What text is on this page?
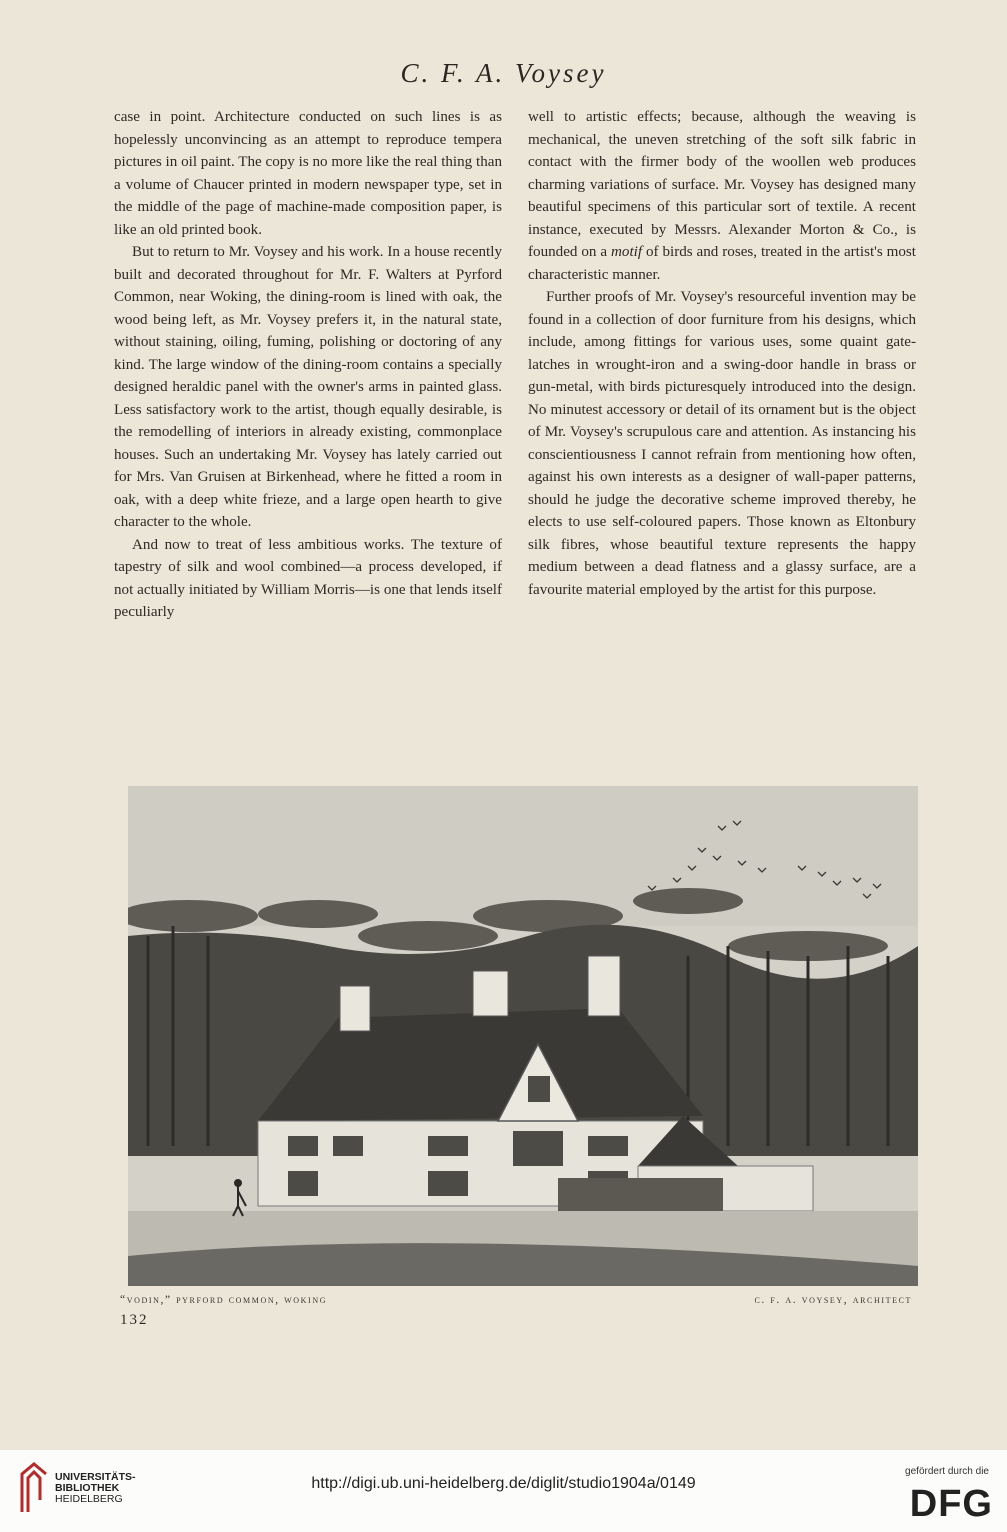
C. F. A. Voysey

case in point. Architecture conducted on such lines is as hopelessly unconvincing as an attempt to reproduce tempera pictures in oil paint. The copy is no more like the real thing than a volume of Chaucer printed in modern newspaper type, set in the middle of the page of machine-made composition paper, is like an old printed book.

But to return to Mr. Voysey and his work. In a house recently built and decorated throughout for Mr. F. Walters at Pyrford Common, near Woking, the dining-room is lined with oak, the wood being left, as Mr. Voysey prefers it, in the natural state, without staining, oiling, fuming, polishing or doctoring of any kind. The large window of the dining-room contains a specially designed heraldic panel with the owner's arms in painted glass. Less satisfactory work to the artist, though equally desirable, is the remodelling of interiors in already existing, commonplace houses. Such an undertaking Mr. Voysey has lately carried out for Mrs. Van Gruisen at Birkenhead, where he fitted a room in oak, with a deep white frieze, and a large open hearth to give character to the whole.

And now to treat of less ambitious works. The texture of tapestry of silk and wool combined—a process developed, if not actually initiated by William Morris—is one that lends itself peculiarly

well to artistic effects; because, although the weaving is mechanical, the uneven stretching of the soft silk fabric in contact with the firmer body of the woollen web produces charming variations of surface. Mr. Voysey has designed many beautiful specimens of this particular sort of textile. A recent instance, executed by Messrs. Alexander Morton & Co., is founded on a motif of birds and roses, treated in the artist's most characteristic manner.

Further proofs of Mr. Voysey's resourceful invention may be found in a collection of door furniture from his designs, which include, among fittings for various uses, some quaint gate-latches in wrought-iron and a swing-door handle in brass or gun-metal, with birds picturesquely introduced into the design. No minutest accessory or detail of its ornament but is the object of Mr. Voysey's scrupulous care and attention. As instancing his conscientiousness I cannot refrain from mentioning how often, against his own interests as a designer of wall-paper patterns, should he judge the decorative scheme improved thereby, he elects to use self-coloured papers. Those known as Eltonbury silk fibres, whose beautiful texture represents the happy medium between a dead flatness and a glassy surface, are a favourite material employed by the artist for this purpose.

“vodin,” pyrford common, woking	c. f. a. voysey, architect
132
UNIVERSITÄTS-
BIBLIOTHEK
HEIDELBERG
http://digi.ub.uni-heidelberg.de/diglit/studio1904a/0149
gefördert durch die
DFG
